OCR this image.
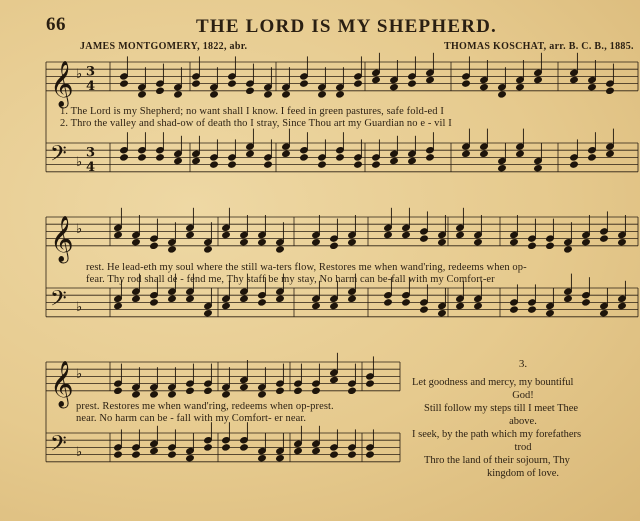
66	THE LORD IS MY SHEPHERD.
JAMES MONTGOMERY, 1822, abr.	THOMAS KOSCHAT, arr. B. C. B., 1885.
𝄞 ♭ 3
4
𝄢 ♭
3
4
𝄞 ♭
𝄢 ♭
𝄞 ♭
𝄢 ♭
1. The Lord is my Shepherd; no want shall I know. I feed in green pastures, safe fold-ed I
2. Thro the valley and shad-ow of death tho I stray, Since Thou art my Guardian no e - vil I
rest. He lead-eth my soul where the still wa-ters flow, Restores me when wand'ring, redeems when op-
fear. Thy rod shall de - fend me, Thy staff be my stay, No harm can be-fall with my Comfort-er
prest. Restores me when wand'ring, redeems when op-prest.
near. No harm can be - fall with my Comfort- er near.
3.
Let goodness and mercy, my bountiful
God!
Still follow my steps till I meet Thee
above.
I seek, by the path which my forefathers
trod
Thro the land of their sojourn, Thy
kingdom of love.
